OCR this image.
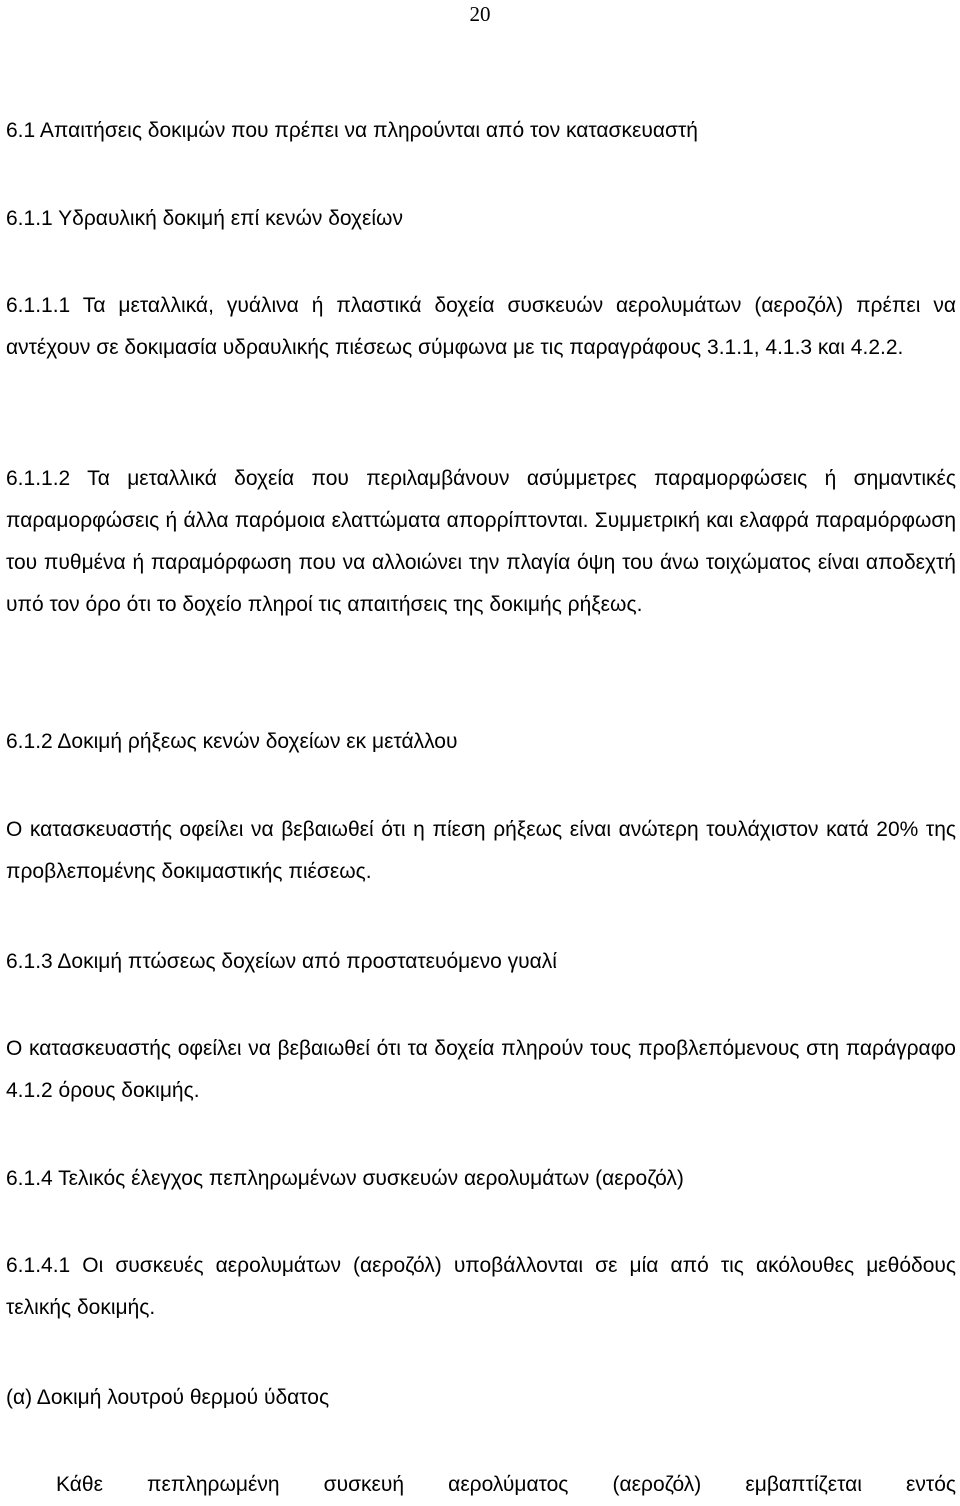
20
6.1 Απαιτήσεις δοκιμών που πρέπει να πληρούνται από τον κατασκευαστή
6.1.1 Υδραυλική δοκιμή επί κενών δοχείων
6.1.1.1 Τα μεταλλικά, γυάλινα ή πλαστικά δοχεία συσκευών αερολυμάτων (αεροζόλ) πρέπει να αντέχουν σε δοκιμασία υδραυλικής πιέσεως σύμφωνα με τις παραγράφους 3.1.1, 4.1.3 και 4.2.2.
6.1.1.2 Τα μεταλλικά δοχεία που περιλαμβάνουν ασύμμετρες παραμορφώσεις ή σημαντικές παραμορφώσεις ή άλλα παρόμοια ελαττώματα απορρίπτονται. Συμμετρική και ελαφρά παραμόρφωση του πυθμένα ή παραμόρφωση που να αλλοιώνει την πλαγία όψη του άνω τοιχώματος είναι αποδεχτή υπό τον όρο ότι το δοχείο πληροί τις απαιτήσεις της δοκιμής ρήξεως.
6.1.2 Δοκιμή ρήξεως κενών δοχείων εκ μετάλλου
Ο κατασκευαστής οφείλει να βεβαιωθεί ότι η πίεση ρήξεως είναι ανώτερη τουλάχιστον κατά 20% της προβλεπομένης δοκιμαστικής πιέσεως.
6.1.3 Δοκιμή πτώσεως δοχείων από προστατευόμενο γυαλί
Ο κατασκευαστής οφείλει να βεβαιωθεί ότι τα δοχεία πληρούν τους προβλεπόμενους στη παράγραφο 4.1.2 όρους δοκιμής.
6.1.4 Τελικός έλεγχος πεπληρωμένων συσκευών αερολυμάτων (αεροζόλ)
6.1.4.1 Οι συσκευές αερολυμάτων (αεροζόλ) υποβάλλονται σε μία από τις ακόλουθες μεθόδους τελικής δοκιμής.
(α) Δοκιμή λουτρού θερμού ύδατος
Κάθε πεπληρωμένη συσκευή αερολύματος (αεροζόλ) εμβαπτίζεται εντός
